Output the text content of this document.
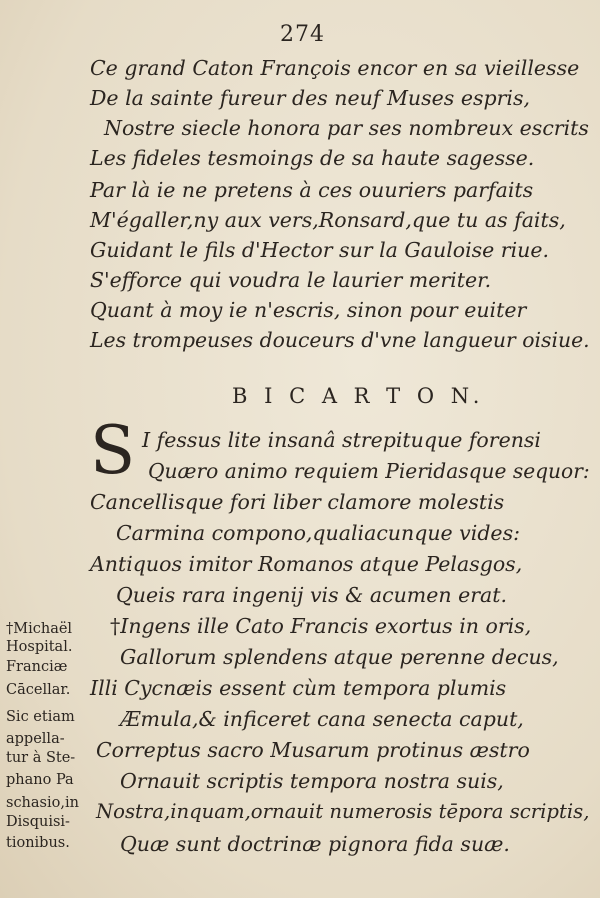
274
Ce grand Caton François encor en sa vieillesse
De la sainte fureur des neuf Muses espris,
Nostre siecle honora par ses nombreux escrits
Les fideles tesmoings de sa haute sagesse.
Par là ie ne pretens à ces ouuriers parfaits
M'égaller,ny aux vers,Ronsard,que tu as faits,
Guidant le fils d'Hector sur la Gauloise riue.
S'efforce qui voudra le laurier meriter.
Quant à moy ie n'escris, sinon pour euiter
Les trompeuses douceurs d'vne langueur oisiue.
B I C A R T O N.
S I fessus lite insanâ strepituque forensi
Quæro animo requiem Pieridasque sequor:
Cancellisque fori liber clamore molestis
Carmina compono,qualiacunque vides:
Antiquos imitor Romanos atque Pelasgos,
Queis rara ingenij vis & acumen erat.
†Ingens ille Cato Francis exortus in oris,
Gallorum splendens atque perenne decus,
Illi Cycnæis essent cùm tempora plumis
Æmula,& inficeret cana senecta caput,
Correptus sacro Musarum protinus æstro
Ornauit scriptis tempora nostra suis,
Nostra,inquam,ornauit numerosis tēpora scriptis,
Quæ sunt doctrinæ pignora fida suæ.
†Michaël
Hospital.
Franciæ
Cācellar.
Sic etiam
appella-
tur à Ste-
phano Pa
schasio,in
Disquisi-
tionibus.
